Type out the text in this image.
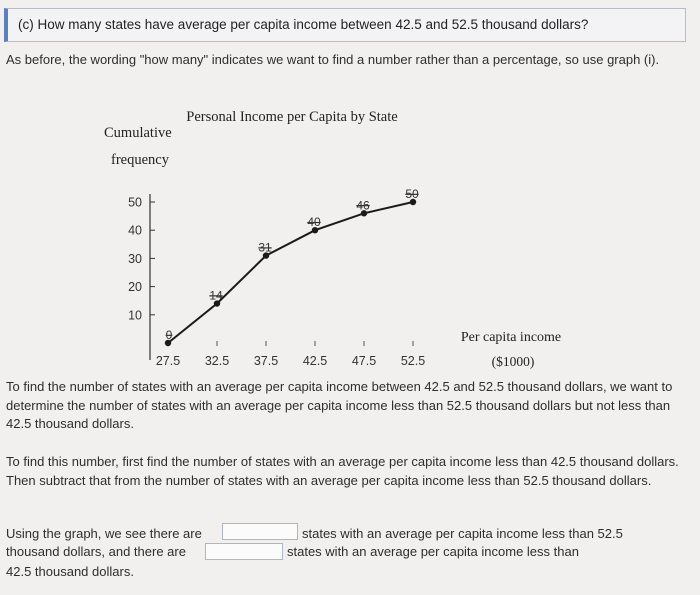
(c) How many states have average per capita income between 42.5 and 52.5 thousand dollars?
As before, the wording "how many" indicates we want to find a number rather than a percentage, so use graph (i).
Personal Income per Capita by State
Cumulative
frequency
Per capita income
($1000)
10
20
30
40
50
27.5 32.5 37.5 42.5 47.5 52.5
0
14
31
40
46
50
To find the number of states with an average per capita income between 42.5 and 52.5 thousand dollars, we want to determine the number of states with an average per capita income less than 52.5 thousand dollars but not less than 42.5 thousand dollars.
To find this number, first find the number of states with an average per capita income less than 42.5 thousand dollars. Then subtract that from the number of states with an average per capita income less than 52.5 thousand dollars.
Using the graph, we see there are	states with an average per capita income less than 52.5
thousand dollars, and there are	states with an average per capita income less than
42.5 thousand dollars.
